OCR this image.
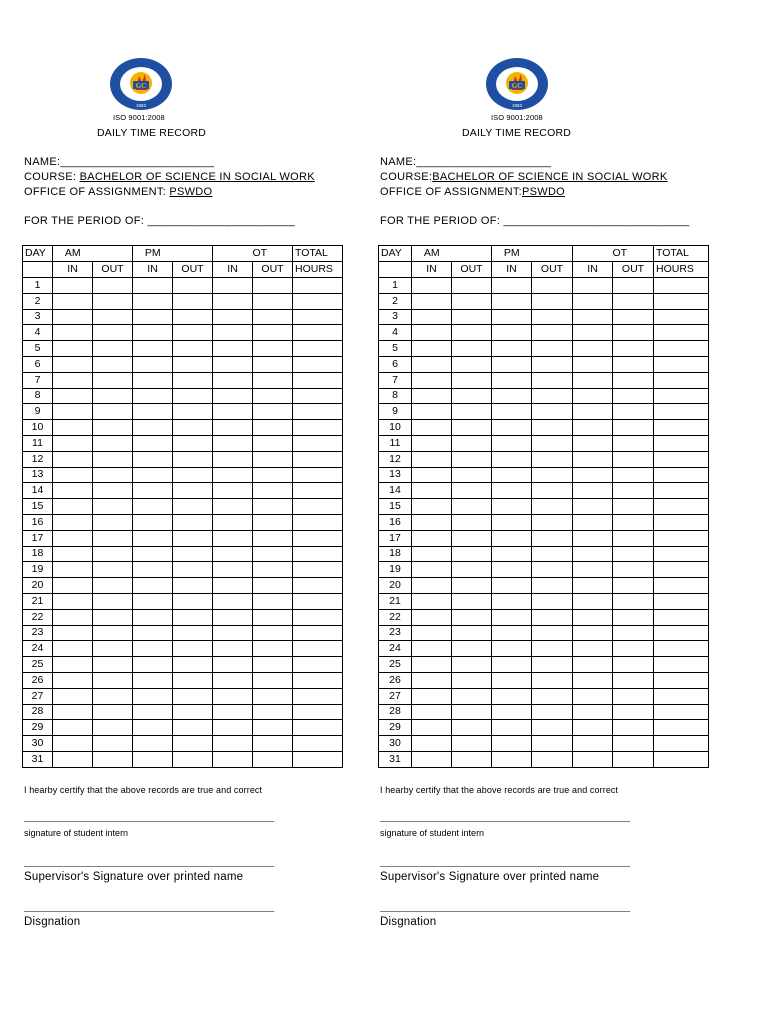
GC
1993
ISO 9001:2008
DAILY TIME RECORD
NAME:________________________
COURSE: BACHELOR OF SCIENCE IN SOCIAL WORK
OFFICE OF ASSIGNMENT: PSWDO
FOR THE PERIOD OF: _______________________
DAY	AM		PM			OT	TOTAL
	IN	OUT	IN	OUT	IN	OUT	HOURS
1							
2							
3							
4							
5							
6							
7							
8							
9							
10							
11							
12							
13							
14							
15							
16							
17							
18							
19							
20							
21							
22							
23							
24							
25							
26							
27							
28							
29							
30							
31							
I hearby certify that the above records are true and correct
____________________________________________________
signature of student intern
____________________________________________________
Supervisor's Signature over printed name
____________________________________________________
Disgnation
GC
1993
ISO 9001:2008
DAILY TIME RECORD
NAME:_____________________
COURSE:BACHELOR OF SCIENCE IN SOCIAL WORK
OFFICE OF ASSIGNMENT:PSWDO
FOR THE PERIOD OF: _____________________________
DAY	AM		PM			OT	TOTAL
	IN	OUT	IN	OUT	IN	OUT	HOURS
1							
2							
3							
4							
5							
6							
7							
8							
9							
10							
11							
12							
13							
14							
15							
16							
17							
18							
19							
20							
21							
22							
23							
24							
25							
26							
27							
28							
29							
30							
31							
I hearby certify that the above records are true and correct
____________________________________________________
signature of student intern
____________________________________________________
Supervisor's Signature over printed name
____________________________________________________
Disgnation
